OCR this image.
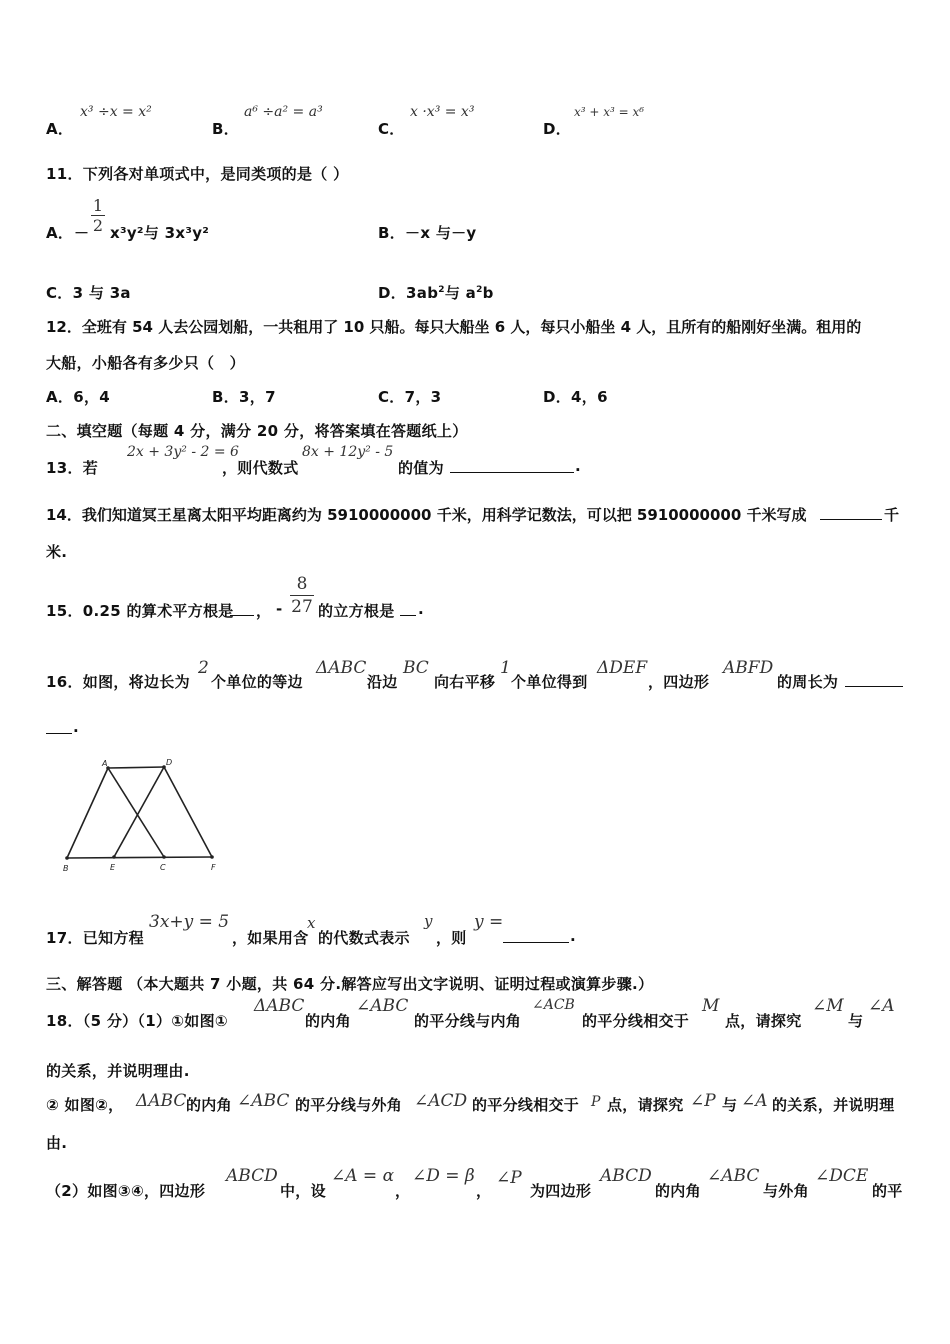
A．
x³ ÷x = x²
B．
a⁶ ÷a² = a³
C．
x ·x³ = x³
D．
x³ + x³ = x⁶
11．下列各对单项式中，是同类项的是（ ）
A． －
1
2 x³y²与 3x³y²	B．－x 与－y
C．3 与 3a	D．$3ab^2$与 $a^2b$
12．全班有 54 人去公园划船，一共租用了 10 只船。每只大船坐 6 人，每只小船坐 4 人，且所有的船刚好坐满。租用的
大船，小船各有多少只（　）
A．6，4	B．3，7	C．7，3	D．4，6
二、填空题（每题 4 分，满分 20 分，将答案填在答题纸上）
13．若
2x + 3y² - 2 = 6
，则代数式
8x + 12y² - 5
的值为	.
14．我们知道冥王星离太阳平均距离约为 5910000000 千米，用科学记数法，可以把 5910000000 千米写成	千
米.
15．0.25 的算术平方根是 ， -
8
27 的立方根是 .
16．如图，将边长为
2
个单位的等边
ΔABC
沿边
BC
向右平移
1
个单位得到
ΔDEF
，四边形
ABFD
的周长为
.
A	D
B	E	C	F
17．已知方程
3x+y = 5
，如果用含
x
的代数式表示
y
，则
y =
.
三、解答题 （本大题共 7 小题，共 64 分.解答应写出文字说明、证明过程或演算步骤.）
18．（5 分）（1）①如图①
ΔABC
的内角
∠ABC
的平分线与内角
∠ACB
的平分线相交于
M
点，请探究
∠M
与
∠A
的关系，并说明理由.
② 如图②， ΔABC 的内角 ∠ABC 的平分线与外角 ∠ACD 的平分线相交于 P 点，请探究 ∠P 与 ∠A 的关系，并说明理
由.
（2）如图③④，四边形
ABCD
中，设
∠A = α
，
∠D = β
，
∠P
为四边形
ABCD
的内角
∠ABC
与外角
∠DCE
的平
